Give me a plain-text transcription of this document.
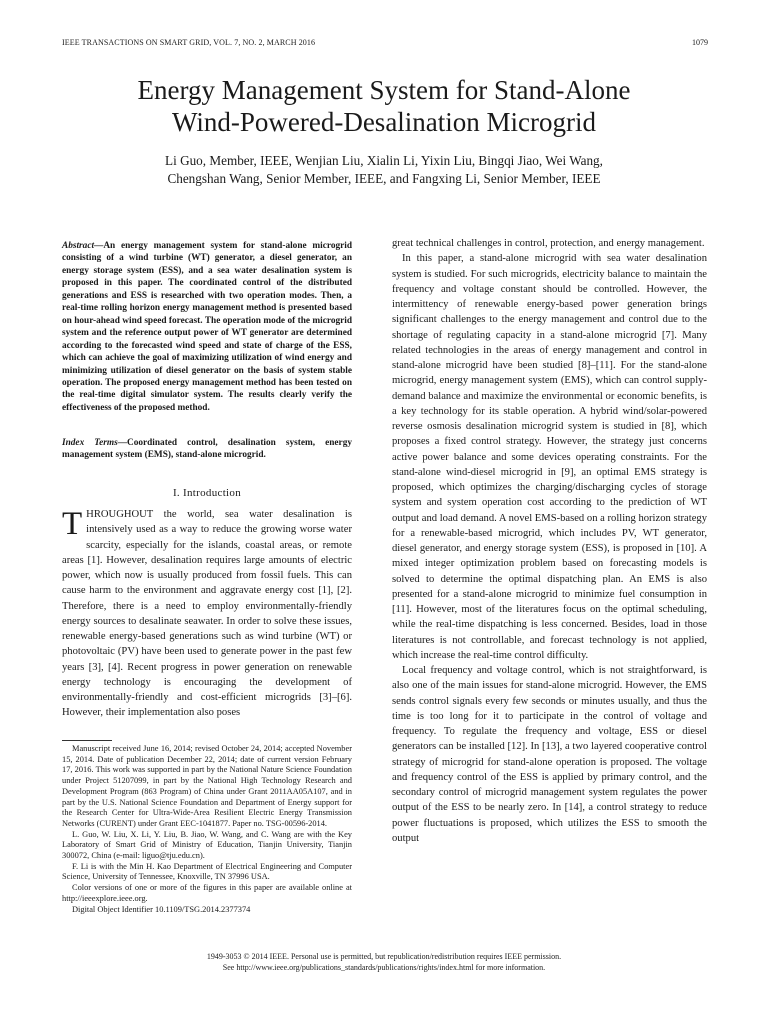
IEEE TRANSACTIONS ON SMART GRID, VOL. 7, NO. 2, MARCH 2016	1079
Energy Management System for Stand-Alone
Wind-Powered-Desalination Microgrid
Li Guo, Member, IEEE, Wenjian Liu, Xialin Li, Yixin Liu, Bingqi Jiao, Wei Wang,
Chengshan Wang, Senior Member, IEEE, and Fangxing Li, Senior Member, IEEE
Abstract—An energy management system for stand-alone microgrid consisting of a wind turbine (WT) generator, a diesel generator, an energy storage system (ESS), and a sea water desalination system is proposed in this paper. The coordinated control of the distributed generations and ESS is researched with two operation modes. Then, a real-time rolling horizon energy management method is presented based on hour-ahead wind speed forecast. The operation mode of the microgrid system and the reference output power of WT generator are determined according to the forecasted wind speed and state of charge of the ESS, which can achieve the goal of maximizing utilization of wind energy and minimizing utilization of diesel generator on the basis of system stable operation. The proposed energy management method has been tested on the real-time digital simulator system. The results clearly verify the effectiveness of the proposed method.
Index Terms—Coordinated control, desalination system, energy management system (EMS), stand-alone microgrid.
I. Introduction
THROUGHOUT the world, sea water desalination is intensively used as a way to reduce the growing worse water scarcity, especially for the islands, coastal areas, or remote areas [1]. However, desalination requires large amounts of electric power, which now is usually produced from fossil fuels. This can cause harm to the environment and aggravate energy cost [1], [2]. Therefore, there is a need to employ environmentally-friendly energy sources to desalinate seawater. In order to solve these issues, renewable energy-based generations such as wind turbine (WT) or photovoltaic (PV) have been used to generate power in the past few years [3], [4]. Recent progress in power generation on renewable energy technology is encouraging the development of environmentally-friendly and cost-efficient microgrids [3]–[6]. However, their implementation also poses

Manuscript received June 16, 2014; revised October 24, 2014; accepted November 15, 2014. Date of publication December 22, 2014; date of current version February 17, 2016. This work was supported in part by the National Nature Science Foundation under Project 51207099, in part by the National High Technology Research and Development Program (863 Program) of China under Grant 2011AA05A107, and in part by the U.S. National Science Foundation and Department of Energy support for the Research Center for Ultra-Wide-Area Resilient Electric Energy Transmission Networks (CURENT) under Grant EEC-1041877. Paper no. TSG-00596-2014.

L. Guo, W. Liu, X. Li, Y. Liu, B. Jiao, W. Wang, and C. Wang are with the Key Laboratory of Smart Grid of Ministry of Education, Tianjin University, Tianjin 300072, China (e-mail: liguo@tju.edu.cn).

F. Li is with the Min H. Kao Department of Electrical Engineering and Computer Science, University of Tennessee, Knoxville, TN 37996 USA.

Color versions of one or more of the figures in this paper are available online at http://ieeexplore.ieee.org.

Digital Object Identifier 10.1109/TSG.2014.2377374

great technical challenges in control, protection, and energy management.

In this paper, a stand-alone microgrid with sea water desalination system is studied. For such microgrids, electricity balance to maintain the frequency and voltage constant should be controlled. However, the intermittency of renewable energy-based power generation brings significant challenges to the energy management and control due to the shortage of regulating capacity in a stand-alone microgrid [7]. Many related technologies in the areas of energy management and control in stand-alone microgrid have been studied [8]–[11]. For the stand-alone microgrid, energy management system (EMS), which can control supply-demand balance and maximize the environmental or economic benefits, is a key technology for its stable operation. A hybrid wind/solar-powered reverse osmosis desalination microgrid system is studied in [8], which proposes a fixed control strategy. However, the strategy just concerns active power balance and some devices operating constraints. For the stand-alone wind-diesel microgrid in [9], an optimal EMS strategy is proposed, which optimizes the charging/discharging cycles of storage system and system operation cost according to the prediction of WT output and load demand. A novel EMS-based on a rolling horizon strategy for a renewable-based microgrid, which includes PV, WT generator, diesel generator, and energy storage system (ESS), is proposed in [10]. A mixed integer optimization problem based on forecasting models is solved to determine the optimal dispatching plan. An EMS is also presented for a stand-alone microgrid to minimize fuel consumption in [11]. However, most of the literatures focus on the optimal scheduling, while the real-time dispatching is less concerned. Besides, load in those literatures is not controllable, and forecast technology is not applied, which increase the real-time control difficulty.

Local frequency and voltage control, which is not straightforward, is also one of the main issues for stand-alone microgrid. However, the EMS sends control signals every few seconds or minutes usually, and thus the time is too long for it to participate in the control of voltage and frequency. To regulate the frequency and voltage, ESS or diesel generators can be installed [12]. In [13], a two layered cooperative control strategy of microgrid for stand-alone operation is proposed. The voltage and frequency control of the ESS is applied by primary control, and the secondary control of microgrid management system regulates the power output of the ESS to be nearly zero. In [14], a control strategy to reduce power fluctuations is proposed, which utilizes the ESS to smooth the output

1949-3053 © 2014 IEEE. Personal use is permitted, but republication/redistribution requires IEEE permission.
See http://www.ieee.org/publications_standards/publications/rights/index.html for more information.
